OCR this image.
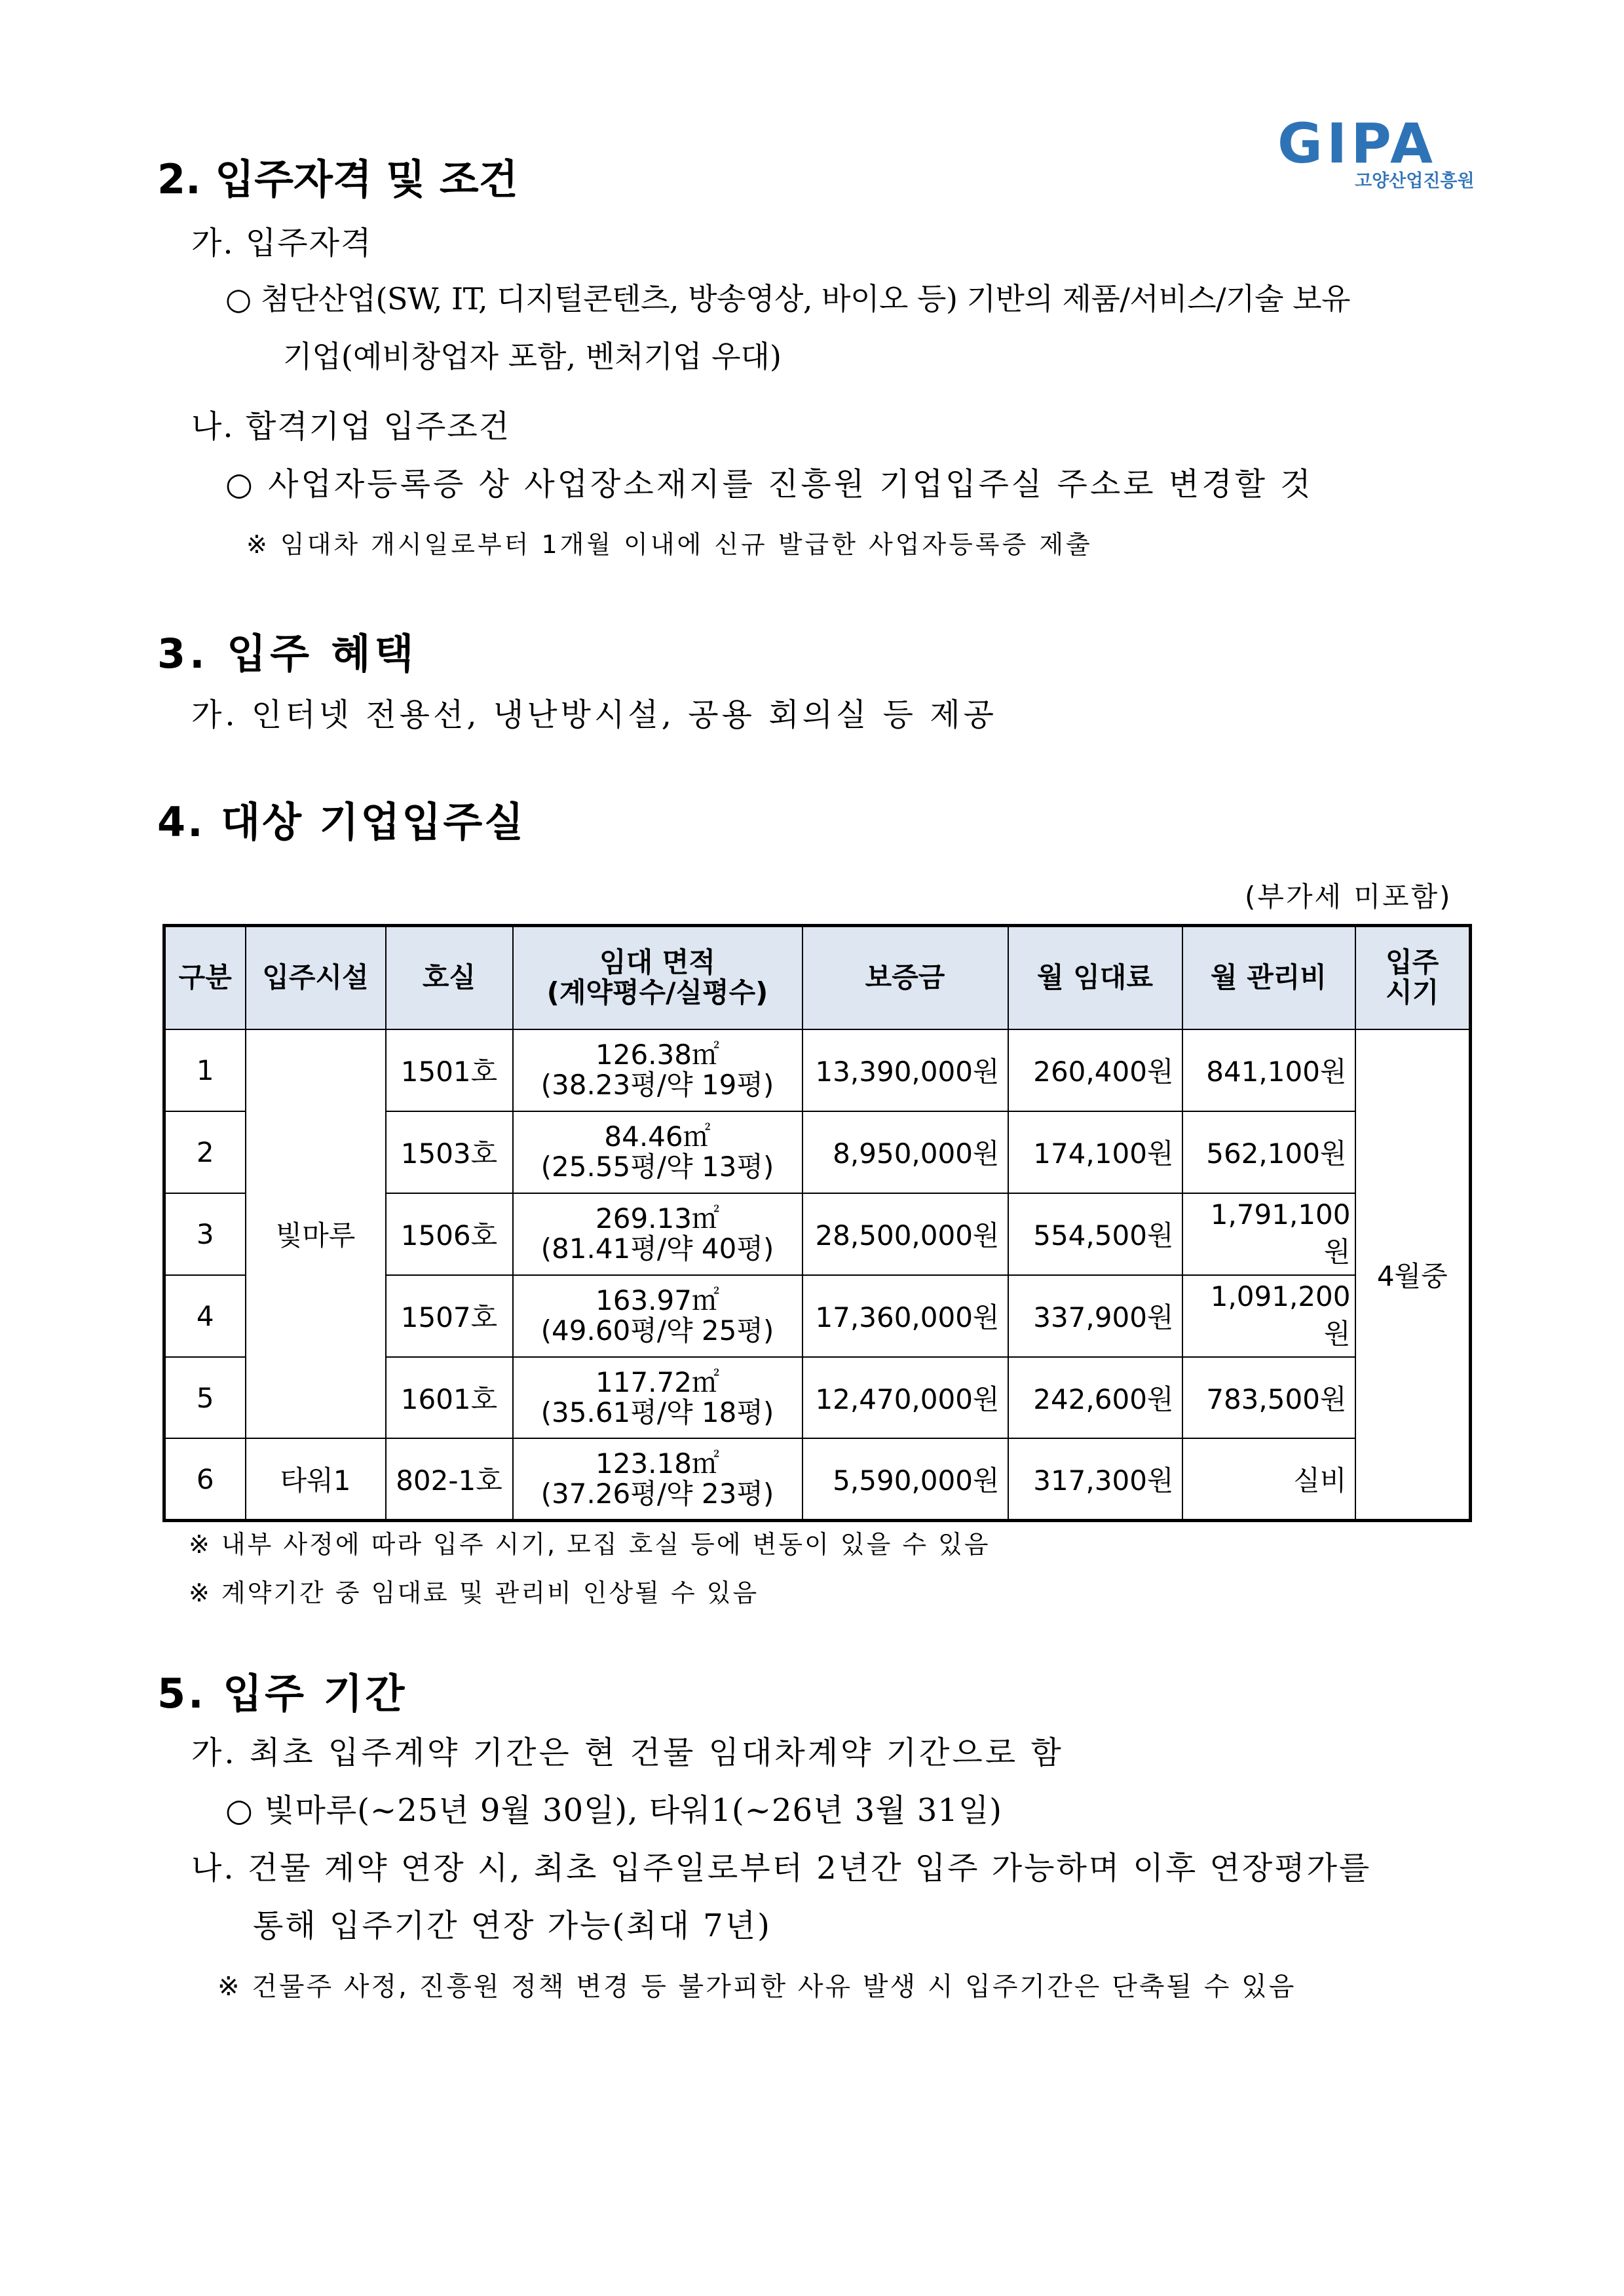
GIPA
고양산업진흥원
2. 입주자격 및 조건
가. 입주자격
○ 첨단산업(SW, IT, 디지털콘텐츠, 방송영상, 바이오 등) 기반의 제품/서비스/기술 보유
기업(예비창업자 포함, 벤처기업 우대)
나. 합격기업 입주조건
○ 사업자등록증 상 사업장소재지를 진흥원 기업입주실 주소로 변경할 것
※ 임대차 개시일로부터 1개월 이내에 신규 발급한 사업자등록증 제출
3. 입주 혜택
가. 인터넷 전용선, 냉난방시설, 공용 회의실 등 제공
4. 대상 기업입주실
(부가세 미포함)
구분	입주시설	호실	임대 면적
(계약평수/실평수)	보증금	월 임대료	월 관리비	입주
시기

1	빛마루	1501호	126.38㎡
(38.23평/약 19평)	13,390,000원	260,400원	841,100원	4월중
2		1503호	84.46㎡
(25.55평/약 13평)	8,950,000원	174,100원	562,100원	
3		1506호	269.13㎡
(81.41평/약 40평)	28,500,000원	554,500원	1,791,100원	
4		1507호	163.97㎡
(49.60평/약 25평)	17,360,000원	337,900원	1,091,200원	
5		1601호	117.72㎡
(35.61평/약 18평)	12,470,000원	242,600원	783,500원	
6	타워1	802-1호	123.18㎡
(37.26평/약 23평)	5,590,000원	317,300원	실비	
※ 내부 사정에 따라 입주 시기, 모집 호실 등에 변동이 있을 수 있음
※ 계약기간 중 임대료 및 관리비 인상될 수 있음
5. 입주 기간
가. 최초 입주계약 기간은 현 건물 임대차계약 기간으로 함
○ 빛마루(~25년 9월 30일), 타워1(~26년 3월 31일)
나. 건물 계약 연장 시, 최초 입주일로부터 2년간 입주 가능하며 이후 연장평가를
통해 입주기간 연장 가능(최대 7년)
※ 건물주 사정, 진흥원 정책 변경 등 불가피한 사유 발생 시 입주기간은 단축될 수 있음
